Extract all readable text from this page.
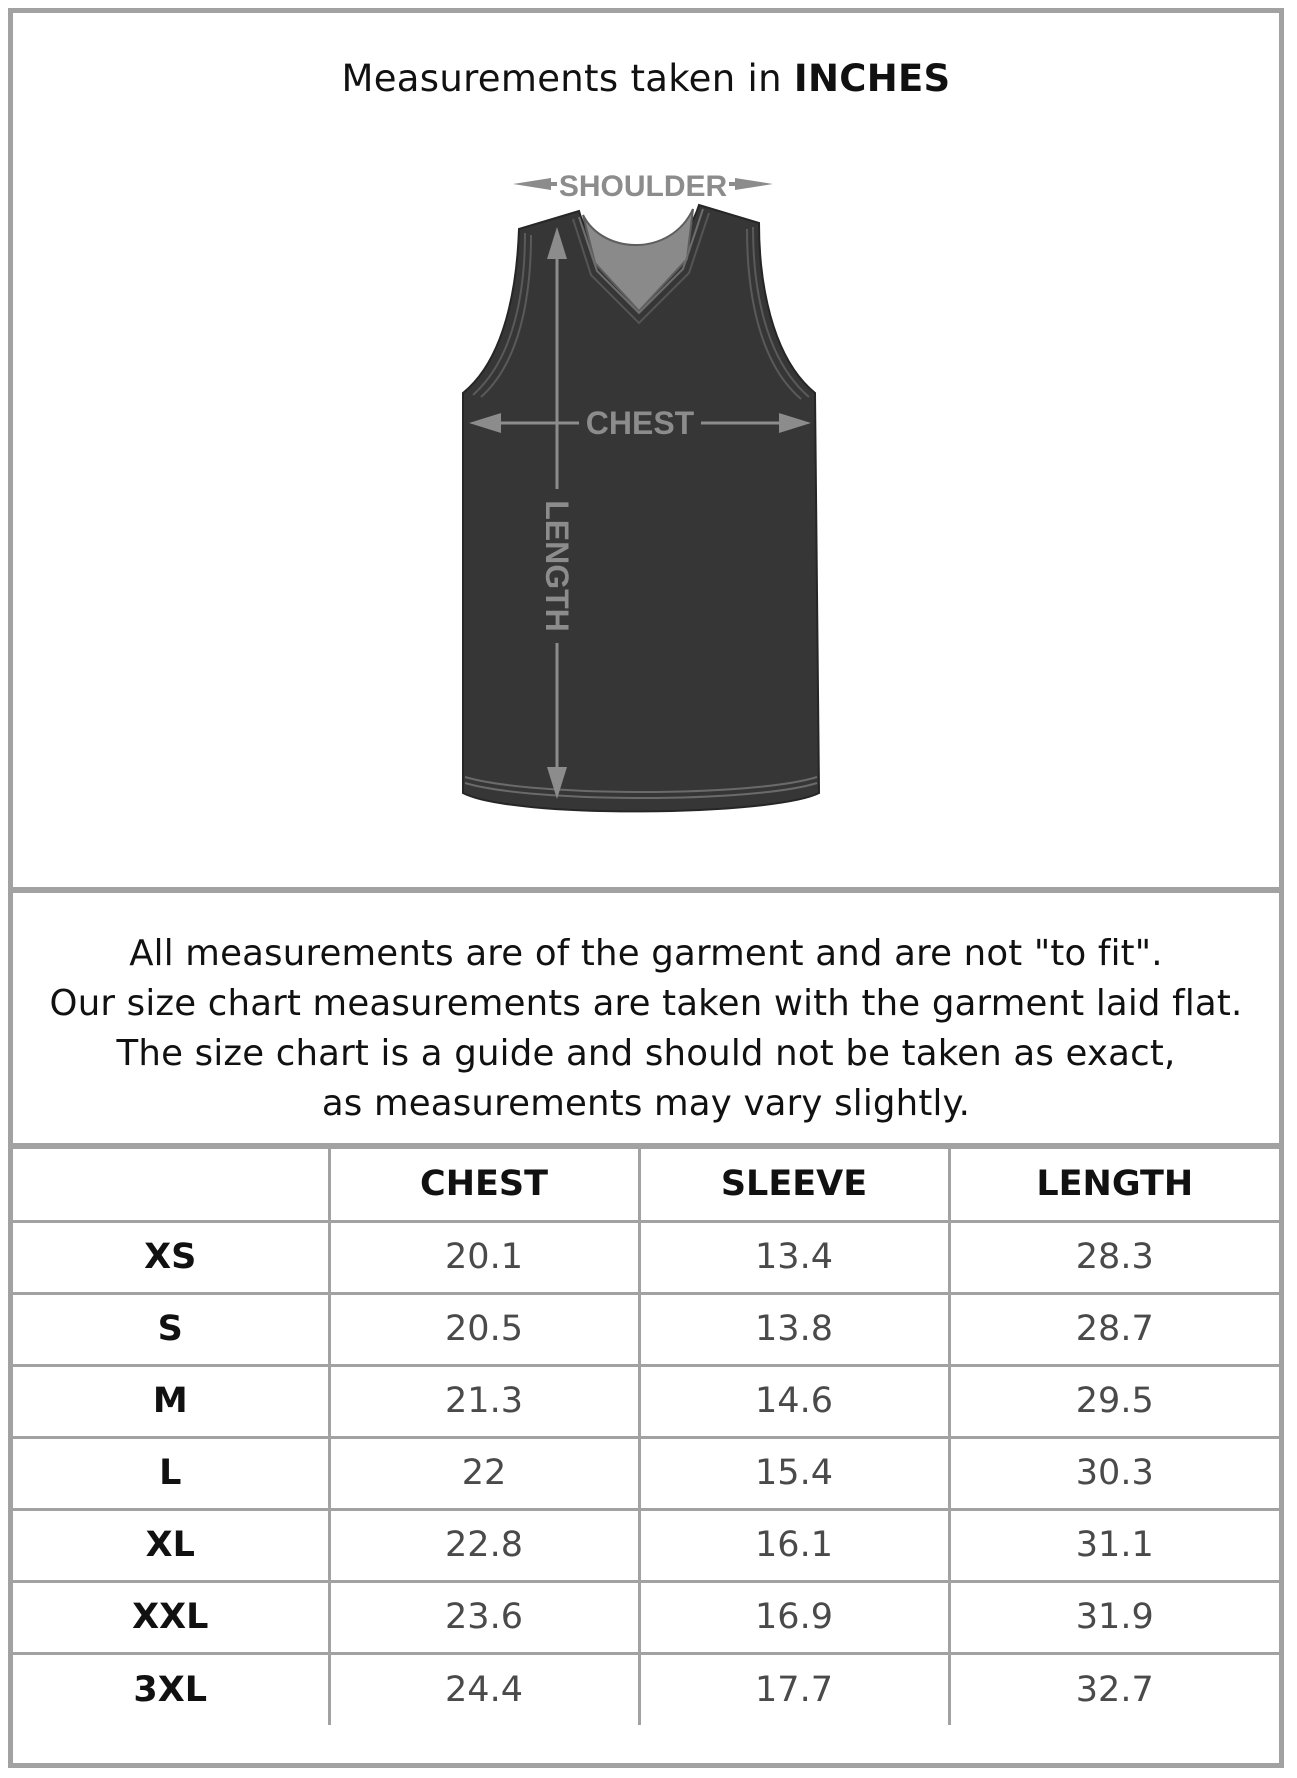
Measurements taken in INCHES
SHOULDER
LENGTH
CHEST
All measurements are of the garment and are not "to fit".
Our size chart measurements are taken with the garment laid flat.
The size chart is a guide and should not be taken as exact,
as measurements may vary slightly.
	CHEST	SLEEVE	LENGTH
XS	20.1	13.4	28.3
S	20.5	13.8	28.7
M	21.3	14.6	29.5
L	22	15.4	30.3
XL	22.8	16.1	31.1
XXL	23.6	16.9	31.9
3XL	24.4	17.7	32.7
